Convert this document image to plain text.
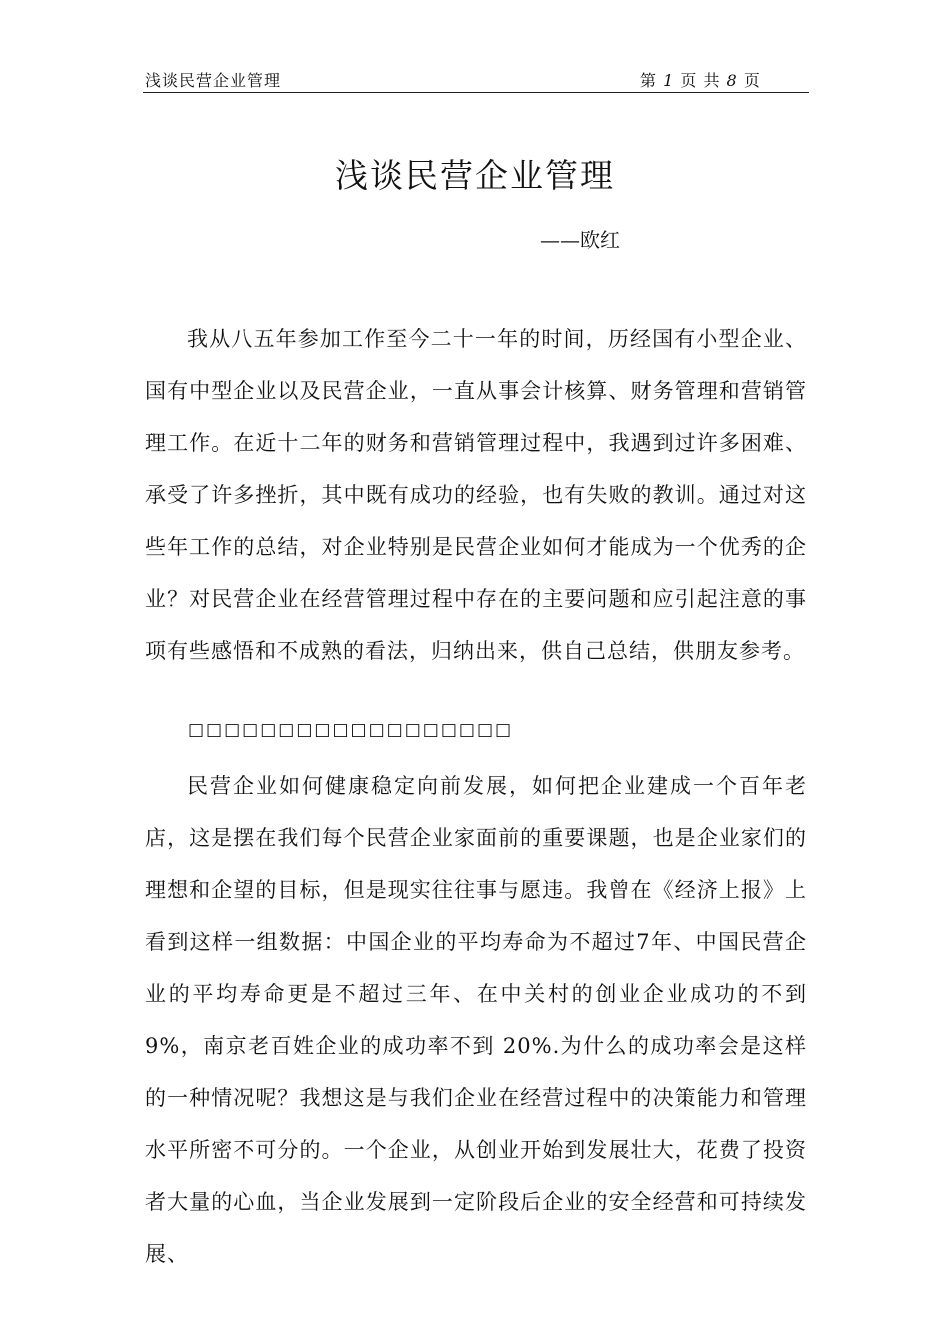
浅谈民营企业管理	第 1 页 共 8 页
浅谈民营企业管理
——欧红

我从八五年参加工作至今二十一年的时间，历经国有小型企业、国有中型企业以及民营企业，一直从事会计核算、财务管理和营销管理工作。在近十二年的财务和营销管理过程中，我遇到过许多困难、承受了许多挫折，其中既有成功的经验，也有失败的教训。通过对这些年工作的总结，对企业特别是民营企业如何才能成为一个优秀的企业？对民营企业在经营管理过程中存在的主要问题和应引起注意的事项有些感悟和不成熟的看法，归纳出来，供自己总结，供朋友参考。

□□□□□□□□□□□□□□□□□□

民营企业如何健康稳定向前发展，如何把企业建成一个百年老店，这是摆在我们每个民营企业家面前的重要课题，也是企业家们的理想和企望的目标，但是现实往往事与愿违。我曾在《经济上报》上看到这样一组数据：中国企业的平均寿命为不超过7年、中国民营企业的平均寿命更是不超过三年、在中关村的创业企业成功的不到9%，南京老百姓企业的成功率不到 20%.为什么的成功率会是这样的一种情况呢？我想这是与我们企业在经营过程中的决策能力和管理水平所密不可分的。一个企业，从创业开始到发展壮大，花费了投资者大量的心血，当企业发展到一定阶段后企业的安全经营和可持续发展、
